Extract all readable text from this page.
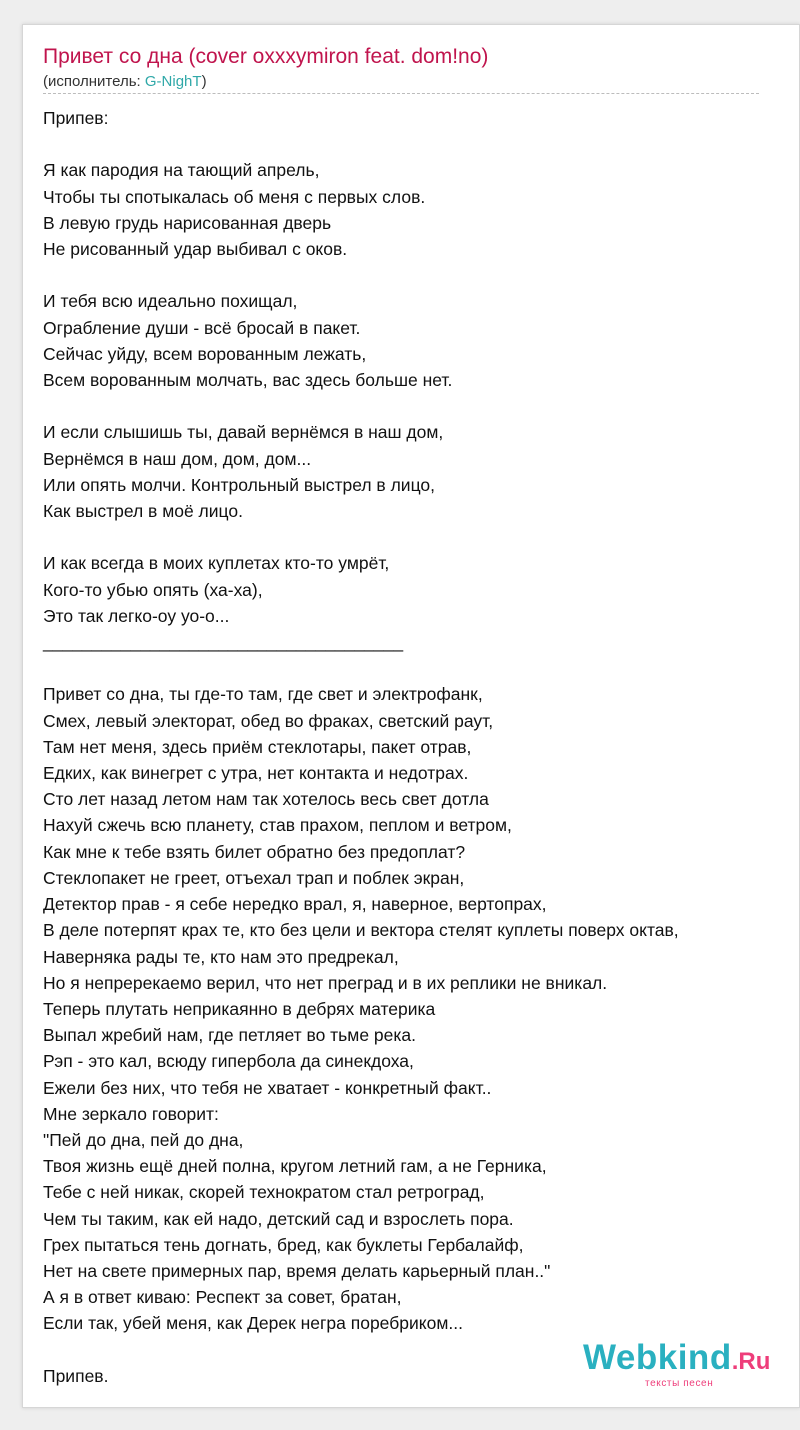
Привет со дна (cover oxxxymiron feat. dom!no)
(исполнитель: G-NighT)
Припев:

Я как пародия на тающий апрель,
Чтобы ты спотыкалась об меня с первых слов.
В левую грудь нарисованная дверь
Не рисованный удар выбивал с оков.

И тебя всю идеально похищал,
Ограбление души - всё бросай в пакет.
Сейчас уйду, всем ворованным лежать,
Всем ворованным молчать, вас здесь больше нет.

И если слышишь ты, давай вернёмся в наш дом,
Вернёмся в наш дом, дом, дом...
Или опять молчи. Контрольный выстрел в лицо,
Как выстрел в моё лицо.

И как всегда в моих куплетах кто-то умрёт,
Кого-то убью опять (ха-ха),
Это так легко-оу уо-о...
_____________________________________

Привет со дна, ты где-то там, где свет и электрофанк,
Смех, левый электорат, обед во фраках, светский раут,
Там нет меня, здесь приём стеклотары, пакет отрав,
Едких, как винегрет с утра, нет контакта и недотрах.
Сто лет назад летом нам так хотелось весь свет дотла
Нахуй сжечь всю планету, став прахом, пеплом и ветром,
Как мне к тебе взять билет обратно без предоплат?
Стеклопакет не греет, отъехал трап и поблек экран,
Детектор прав - я себе нередко врал, я, наверное, вертопрах,
В деле потерпят крах те, кто без цели и вектора стелят куплеты поверх октав,
Наверняка рады те, кто нам это предрекал,
Но я непререкаемо верил, что нет преград и в их реплики не вникал.
Теперь плутать неприкаянно в дебрях материка
Выпал жребий нам, где петляет во тьме река.
Рэп - это кал, всюду гипербола да синекдоха,
Ежели без них, что тебя не хватает - конкретный факт..
Мне зеркало говорит:
"Пей до дна, пей до дна,
Твоя жизнь ещё дней полна, кругом летний гам, а не Герника,
Тебе с ней никак, скорей технократом стал ретроград,
Чем ты таким, как ей надо, детский сад и взрослеть пора.
Грех пытаться тень догнать, бред, как буклеты Гербалайф,
Нет на свете примерных пар, время делать карьерный план.."
А я в ответ киваю: Респект за совет, братан,
Если так, убей меня, как Дерек негра поребриком...

Припев.	Webkind.Ru
тексты песен
